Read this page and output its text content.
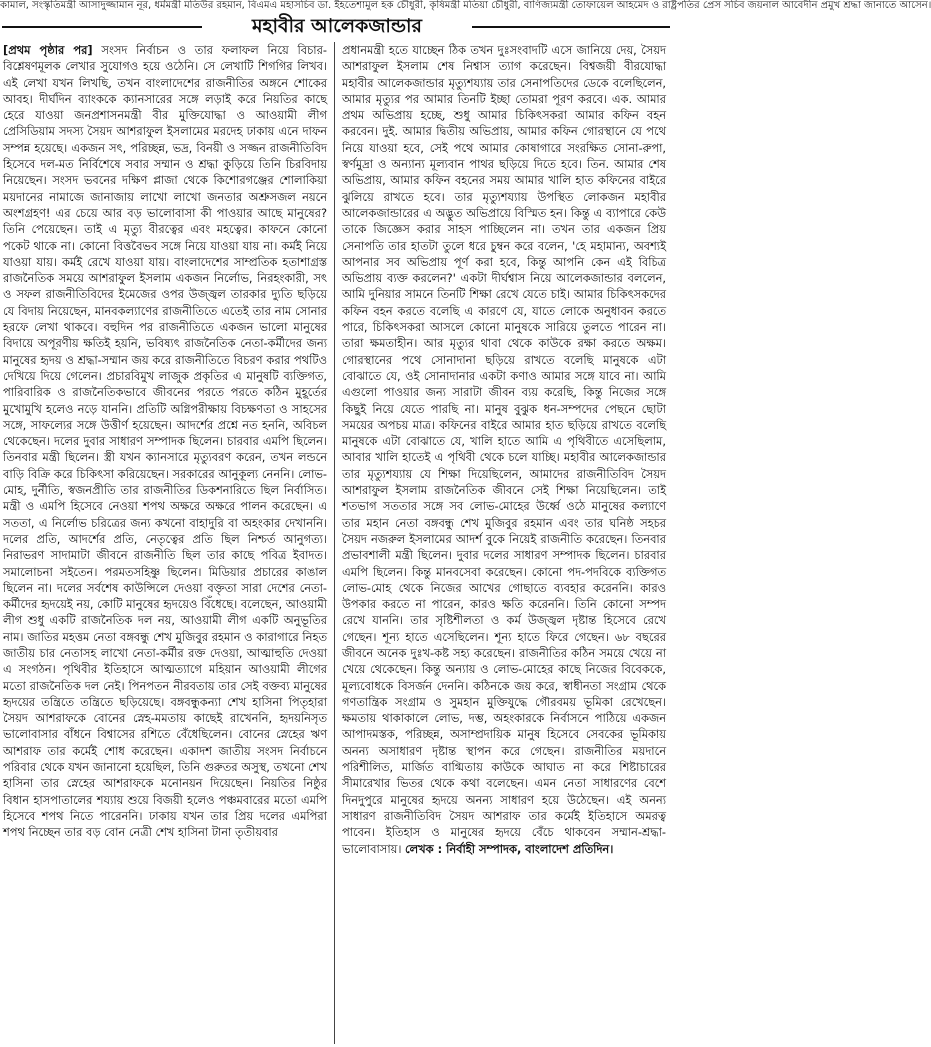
কামাল, সংস্কৃতিমন্ত্রী আসাদুজ্জামান নূর, ধর্মমন্ত্রী মতিউর রহমান, বিএমএ মহাসচিব ডা. ইহতেশামুল হক চৌধুরী, কৃষিমন্ত্রী মতিয়া চৌধুরী, বাণিজ্যমন্ত্রী তোফায়েল আহমেদ ও রাষ্ট্রপতির প্রেস সচিব জয়নাল আবেদীন প্রমুখ শ্রদ্ধা জানাতে আসেন।
মহাবীর আলেকজান্ডার

[প্রথম পৃষ্ঠার পর] সংসদ নির্বাচন ও তার ফলাফল নিয়ে বিচার-বিশ্লেষণমূলক লেখার সুযোগও হয়ে ওঠেনি। সে লেখাটি শিগগির লিখব। এই লেখা যখন লিখছি, তখন বাংলাদেশের রাজনীতির অঙ্গনে শোকের আবহ। দীর্ঘদিন ব্যাংককে ক্যানসারের সঙ্গে লড়াই করে নিয়তির কাছে হেরে যাওয়া জনপ্রশাসনমন্ত্রী বীর মুক্তিযোদ্ধা ও আওয়ামী লীগ প্রেসিডিয়াম সদস্য সৈয়দ আশরাফুল ইসলামের মরদেহ ঢাকায় এনে দাফন সম্পন্ন হয়েছে। একজন সৎ, পরিচ্ছন্ন, ভদ্র, বিনয়ী ও সজ্জন রাজনীতিবিদ হিসেবে দল-মত নির্বিশেষে সবার সম্মান ও শ্রদ্ধা কুড়িয়ে তিনি চিরবিদায় নিয়েছেন। সংসদ ভবনের দক্ষিণ প্লাজা থেকে কিশোরগঞ্জের শোলাকিয়া ময়দানের নামাজে জানাজায় লাখো লাখো জনতার অশ্রুসজল নয়নে অংশগ্রহণ! এর চেয়ে আর বড় ভালোবাসা কী পাওয়ার আছে মানুষের? তিনি পেয়েছেন। তাই এ মৃত্যু বীরত্বের এবং মহত্বের। কাফনে কোনো পকেট থাকে না। কোনো বিত্তবৈভব সঙ্গে নিয়ে যাওয়া যায় না। কর্মই নিয়ে যাওয়া যায়। কর্মই রেখে যাওয়া যায়। বাংলাদেশের সাম্প্রতিক হতাশাগ্রস্ত রাজনৈতিক সময়ে আশরাফুল ইসলাম একজন নির্লোভ, নিরহংকারী, সৎ ও সফল রাজনীতিবিদের ইমেজের ওপর উজ্জ্বল তারকার দ্যুতি ছড়িয়ে যে বিদায় নিয়েছেন, মানবকল্যাণের রাজনীতিতে এতেই তার নাম সোনার হরফে লেখা থাকবে। বহুদিন পর রাজনীতিতে একজন ভালো মানুষের বিদায়ে অপূরণীয় ক্ষতিই হয়নি, ভবিষ্যৎ রাজনৈতিক নেতা-কর্মীদের জন্য মানুষের হৃদয় ও শ্রদ্ধা-সম্মান জয় করে রাজনীতিতে বিচরণ করার পথটিও দেখিয়ে দিয়ে গেলেন। প্রচারবিমুখ লাজুক প্রকৃতির এ মানুষটি ব্যক্তিগত, পারিবারিক ও রাজনৈতিকভাবে জীবনের পরতে পরতে কঠিন মুহূর্তের মুখোমুখি হলেও নড়ে যাননি। প্রতিটি অগ্নিপরীক্ষায় বিচক্ষণতা ও সাহসের সঙ্গে, সাফল্যের সঙ্গে উত্তীর্ণ হয়েছেন। আদর্শের প্রশ্নে নত হননি, অবিচল থেকেছেন। দলের দুবার সাধারণ সম্পাদক ছিলেন। চারবার এমপি ছিলেন। তিনবার মন্ত্রী ছিলেন। স্ত্রী যখন ক্যানসারে মৃত্যুবরণ করেন, তখন লন্ডনে বাড়ি বিক্রি করে চিকিৎসা করিয়েছেন। সরকারের আনুকূল্য নেননি। লোভ-মোহ, দুর্নীতি, স্বজনপ্রীতি তার রাজনীতির ডিকশনারিতে ছিল নির্বাসিত। মন্ত্রী ও এমপি হিসেবে নেওয়া শপথ অক্ষরে অক্ষরে পালন করেছেন। এ সততা, এ নির্লোভ চরিত্রের জন্য কখনো বাহাদুরি বা অহংকার দেখাননি। দলের প্রতি, আদর্শের প্রতি, নেতৃত্বের প্রতি ছিল নিশ্চর্ত আনুগত্য। নিরাভরণ সাদামাটা জীবনে রাজনীতি ছিল তার কাছে পবিত্র ইবাদত। সমালোচনা সইতেন। পরমতসহিষ্ণু ছিলেন। মিডিয়ার প্রচারের কাঙাল ছিলেন না। দলের সর্বশেষ কাউন্সিলে দেওয়া বক্তৃতা সারা দেশের নেতা-কর্মীদের হৃদয়েই নয়, কোটি মানুষের হৃদয়েও বিঁধেছে। বলেছেন, আওয়ামী লীগ শুধু একটি রাজনৈতিক দল নয়, আওয়ামী লীগ একটি অনুভূতির নাম। জাতির মহত্তম নেতা বঙ্গবন্ধু শেখ মুজিবুর রহমান ও কারাগারে নিহত জাতীয় চার নেতাসহ লাখো নেতা-কর্মীর রক্ত দেওয়া, আত্মাহুতি দেওয়া এ সংগঠন। পৃথিবীর ইতিহাসে আত্মত্যাগে মহিয়ান আওয়ামী লীগের মতো রাজনৈতিক দল নেই। পিনপতন নীরবতায় তার সেই বক্তব্য মানুষের হৃদয়ের তন্ত্রিতে তন্ত্রিতে ছড়িয়েছে। বঙ্গবন্ধুকন্যা শেখ হাসিনা পিতৃহারা সৈয়দ আশরাফকে বোনের স্নেহ-মমতায় কাছেই রাখেননি, হৃদয়নিসৃত ভালোবাসার বাঁধনে বিশ্বাসের রশিতে বেঁধেছিলেন। বোনের স্নেহের ঋণ আশরাফ তার কর্মেই শোধ করেছেন। একাদশ জাতীয় সংসদ নির্বাচনে পরিবার থেকে যখন জানানো হয়েছিল, তিনি গুরুতর অসুস্থ, তখনো শেখ হাসিনা তার স্নেহের আশরাফকে মনোনয়ন দিয়েছেন। নিয়তির নিষ্ঠুর বিধান হাসপাতালের শয্যায় শুয়ে বিজয়ী হলেও পঞ্চমবারের মতো এমপি হিসেবে শপথ নিতে পারেননি। ঢাকায় যখন তার প্রিয় দলের এমপিরা শপথ নিচ্ছেন তার বড় বোন নেত্রী শেখ হাসিনা টানা তৃতীয়বার

প্রধানমন্ত্রী হতে যাচ্ছেন ঠিক তখন দুঃসংবাদটি এসে জানিয়ে দেয়, সৈয়দ আশরাফুল ইসলাম শেষ নিশ্বাস ত্যাগ করেছেন। বিশ্বজয়ী বীরযোদ্ধা মহাবীর আলেকজান্ডার মৃত্যুশয্যায় তার সেনাপতিদের ডেকে বলেছিলেন, আমার মৃত্যুর পর আমার তিনটি ইচ্ছা তোমরা পূরণ করবে। এক. আমার প্রথম অভিপ্রায় হচ্ছে, শুধু আমার চিকিৎসকরা আমার কফিন বহন করবেন। দুই. আমার দ্বিতীয় অভিপ্রায়, আমার কফিন গোরস্থানে যে পথে নিয়ে যাওয়া হবে, সেই পথে আমার কোষাগারে সংরক্ষিত সোনা-রুপা, স্বর্ণমুদ্রা ও অন্যান্য মূল্যবান পাথর ছড়িয়ে দিতে হবে। তিন. আমার শেষ অভিপ্রায়, আমার কফিন বহনের সময় আমার খালি হাত কফিনের বাইরে ঝুলিয়ে রাখতে হবে। তার মৃত্যুশয্যায় উপস্থিত লোকজন মহাবীর আলেকজান্ডারের এ অদ্ভুত অভিপ্রায়ে বিস্মিত হন। কিন্তু এ ব্যাপারে কেউ তাকে জিজ্ঞেস করার সাহস পাচ্ছিলেন না। তখন তার একজন প্রিয় সেনাপতি তার হাতটা তুলে ধরে চুম্বন করে বলেন, 'হে মহামান্য, অবশ্যই আপনার সব অভিপ্রায় পূর্ণ করা হবে, কিন্তু আপনি কেন এই বিচিত্র অভিপ্রায় ব্যক্ত করলেন?' একটা দীর্ঘশ্বাস নিয়ে আলেকজান্ডার বললেন, আমি দুনিয়ার সামনে তিনটি শিক্ষা রেখে যেতে চাই। আমার চিকিৎসকদের কফিন বহন করতে বলেছি এ কারণে যে, যাতে লোকে অনুধাবন করতে পারে, চিকিৎসকরা আসলে কোনো মানুষকে সারিয়ে তুলতে পারেন না। তারা ক্ষমতাহীন। আর মৃত্যুর থাবা থেকে কাউকে রক্ষা করতে অক্ষম। গোরস্থানের পথে সোনাদানা ছড়িয়ে রাখতে বলেছি মানুষকে এটা বোঝাতে যে, ওই সোনাদানার একটা কণাও আমার সঙ্গে যাবে না। আমি এগুলো পাওয়ার জন্য সারাটা জীবন ব্যয় করেছি, কিন্তু নিজের সঙ্গে কিছুই নিয়ে যেতে পারছি না। মানুষ বুঝুক ধন-সম্পদের পেছনে ছোটা সময়ের অপচয় মাত্র। কফিনের বাইরে আমার হাত ছড়িয়ে রাখতে বলেছি মানুষকে এটা বোঝাতে যে, খালি হাতে আমি এ পৃথিবীতে এসেছিলাম, আবার খালি হাতেই এ পৃথিবী থেকে চলে যাচ্ছি। মহাবীর আলেকজান্ডার তার মৃত্যুশয্যায় যে শিক্ষা দিয়েছিলেন, আমাদের রাজনীতিবিদ সৈয়দ আশরাফুল ইসলাম রাজনৈতিক জীবনে সেই শিক্ষা নিয়েছিলেন। তাই শতভাগ সততার সঙ্গে সব লোভ-মোহের উর্ধ্বে ওঠে মানুষের কল্যাণে তার মহান নেতা বঙ্গবন্ধু শেখ মুজিবুর রহমান এবং তার ঘনিষ্ঠ সহচর সৈয়দ নজরুল ইসলামের আদর্শ বুকে নিয়েই রাজনীতি করেছেন। তিনবার প্রভাবশালী মন্ত্রী ছিলেন। দুবার দলের সাধারণ সম্পাদক ছিলেন। চারবার এমপি ছিলেন। কিন্তু মানবসেবা করেছেন। কোনো পদ-পদবিকে ব্যক্তিগত লোভ-মোহ থেকে নিজের আখের গোছাতে ব্যবহার করেননি। কারও উপকার করতে না পারেন, কারও ক্ষতি করেননি। তিনি কোনো সম্পদ রেখে যাননি। তার সৃষ্টিশীলতা ও কর্ম উজ্জ্বল দৃষ্টান্ত হিসেবে রেখে গেছেন। শূন্য হাতে এসেছিলেন। শূন্য হাতে ফিরে গেছেন। ৬৮ বছরের জীবনে অনেক দুঃখ-কষ্ট সহ্য করেছেন। রাজনীতির কঠিন সময়ে খেয়ে না খেয়ে থেকেছেন। কিন্তু অন্যায় ও লোভ-মোহের কাছে নিজের বিবেককে, মূল্যবোধকে বিসর্জন দেননি। কঠিনকে জয় করে, স্বাধীনতা সংগ্রাম থেকে গণতান্ত্রিক সংগ্রাম ও সুমহান মুক্তিযুদ্ধে গৌরবময় ভূমিকা রেখেছেন। ক্ষমতায় থাকাকালে লোভ, দম্ভ, অহংকারকে নির্বাসনে পাঠিয়ে একজন আপাদমস্তক, পরিচ্ছন্ন, অসাম্প্রদায়িক মানুষ হিসেবে সেবকের ভূমিকায় অনন্য অসাধারণ দৃষ্টান্ত স্থাপন করে গেছেন। রাজনীতির ময়দানে পরিশীলিত, মার্জিত বাগ্মিতায় কাউকে আঘাত না করে শিষ্টাচারের সীমারেখার ভিতর থেকে কথা বলেছেন। এমন নেতা সাধারণের বেশে দিনদুপুরে মানুষের হৃদয়ে অনন্য সাধারণ হয়ে উঠেছেন। এই অনন্য সাধারণ রাজনীতিবিদ সৈয়দ আশরাফ তার কর্মেই ইতিহাসে অমরত্ব পাবেন। ইতিহাস ও মানুষের হৃদয়ে বেঁচে থাকবেন সম্মান-শ্রদ্ধা-ভালোবাসায়। লেখক : নির্বাহী সম্পাদক, বাংলাদেশ প্রতিদিন।
